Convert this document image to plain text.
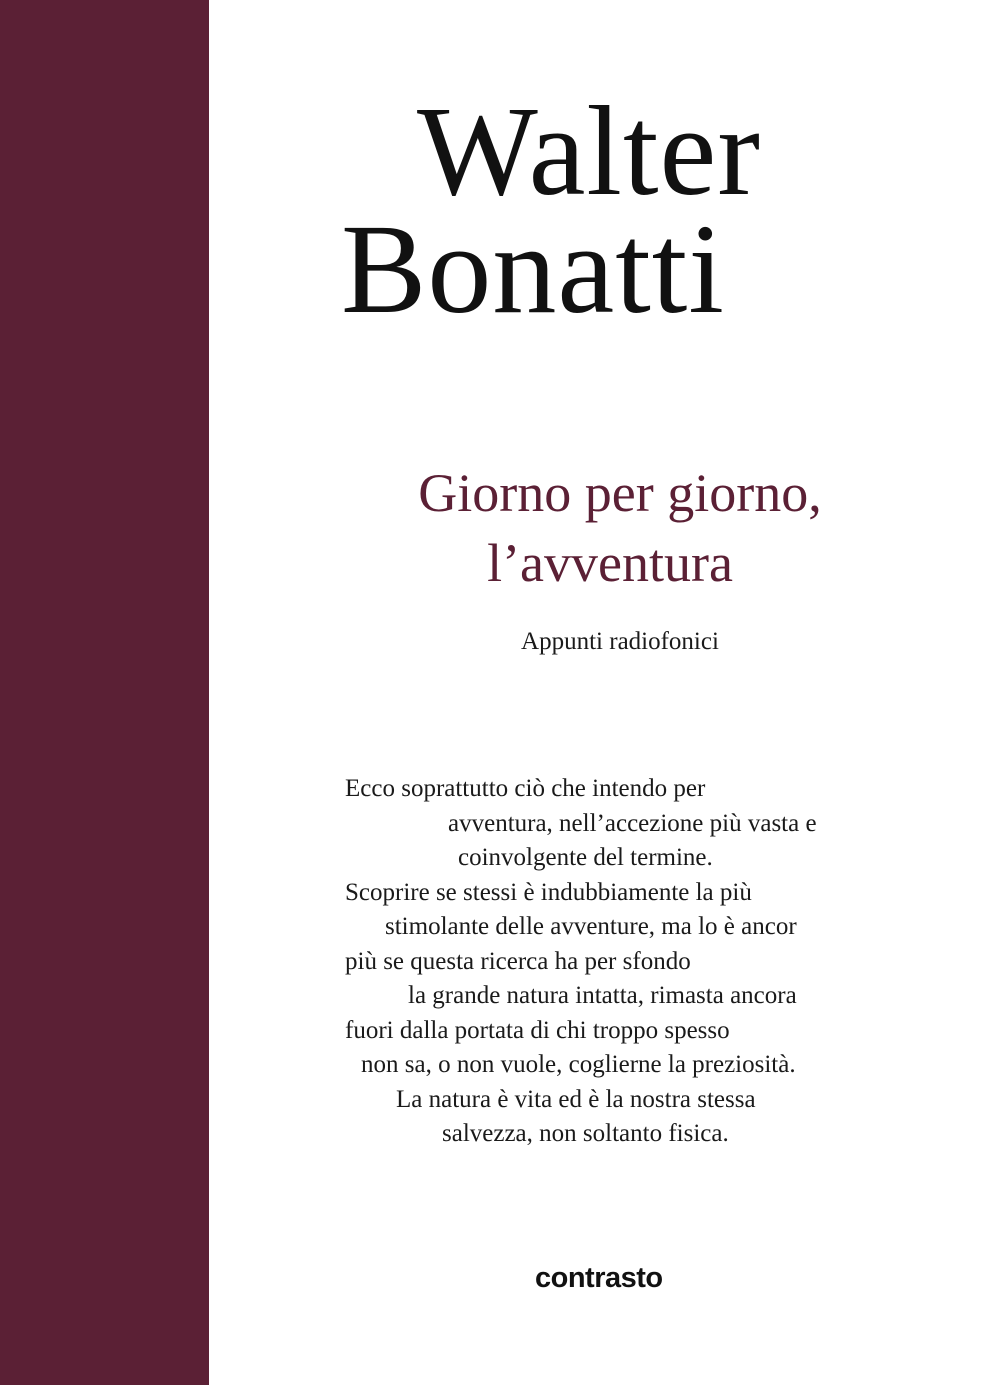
Walter
Bonatti
Giorno per giorno,
l’avventura
Appunti radiofonici
Ecco soprattutto ciò che intendo per
avventura, nell’accezione più vasta e
coinvolgente del termine.
Scoprire se stessi è indubbiamente la più
stimolante delle avventure, ma lo è ancor
più se questa ricerca ha per sfondo
la grande natura intatta, rimasta ancora
fuori dalla portata di chi troppo spesso
non sa, o non vuole, coglierne la preziosità.
La natura è vita ed è la nostra stessa
salvezza, non soltanto fisica.
contrasto
